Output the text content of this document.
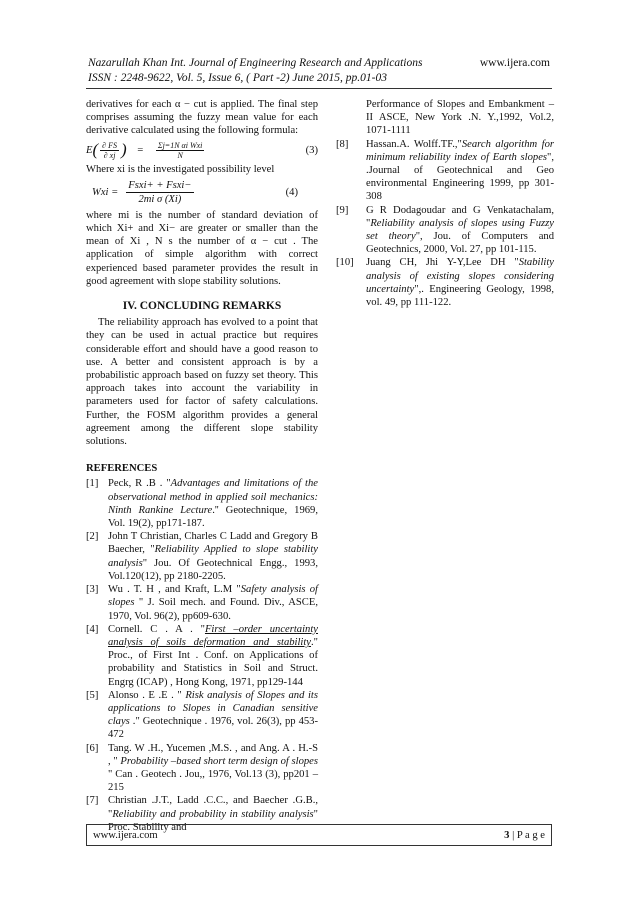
Nazarullah Khan Int. Journal of Engineering Research and Applications	www.ijera.com
ISSN : 2248-9622, Vol. 5, Issue 6, ( Part -2) June 2015, pp.01-03

derivatives for each α − cut is applied. The final step comprises assuming the fuzzy mean value for each derivative calculated using the following formula:

E ( $\frac{\partial FS}{\partial xj}$ ) = $\frac{\text{Σj=1N αi Wxi}}{N}$	(3)

Where xi is the investigated possibility level

Wxi = $\frac{\text{Fsxi+ + Fsxi−}}{\text{2mi σ (Xi)}}$	(4)

where mi is the number of standard deviation of which Xi+ and Xi− are greater or smaller than the mean of Xi , N s the number of α − cut . The application of simple algorithm with correct experienced based parameter provides the result in good agreement with slope stability solutions.

IV. CONCLUDING REMARKS

The reliability approach has evolved to a point that they can be used in actual practice but requires considerable effort and should have a good reason to use. A better and consistent approach is by a probabilistic approach based on fuzzy set theory. This approach takes into account the variability in parameters used for factor of safety calculations. Further, the FOSM algorithm provides a general agreement among the different slope stability solutions.

REFERENCES
[1] Peck, R .B . "Advantages and limitations of the observational method in applied soil mechanics: Ninth Rankine Lecture.'' Geotechnique, 1969, Vol. 19(2), pp171-187.
[2] John T Christian, Charles C Ladd and Gregory B Baecher, "Reliability Applied to slope stability analysis" Jou. Of Geotechnical Engg., 1993, Vol.120(12), pp 2180-2205.
[3] Wu . T. H , and Kraft, L.M "Safety analysis of slopes " J. Soil mech. and Found. Div., ASCE, 1970, Vol. 96(2), pp609-630.
[4] Cornell. C . A . "First –order uncertainty analysis of soils deformation and stability." Proc., of First Int . Conf. on Applications of probability and Statistics in Soil and Struct. Engrg (ICAP) , Hong Kong, 1971, pp129-144
[5] Alonso . E .E . " Risk analysis of Slopes and its applications to Slopes in Canadian sensitive clays ." Geotechnique . 1976, vol. 26(3), pp 453-472
[6] Tang. W .H., Yucemen ,M.S. , and Ang. A . H.-S , " Probability –based short term design of slopes " Can . Geotech . Jou,, 1976, Vol.13 (3), pp201 – 215
[7] Christian .J.T., Ladd .C.C., and Baecher .G.B., "Reliability and probability in stability analysis" Proc. Stability and

Performance of Slopes and Embankment –II ASCE, New York .N. Y.,1992, Vol.2, 1071-1111

[8]	Hassan.A. Wolff.TF.,"Search algorithm for minimum reliability index of Earth slopes", .Journal of Geotechnical and Geo environmental Engineering 1999, pp 301-308
[9]	G R Dodagoudar and G Venkatachalam, "Reliability analysis of slopes using Fuzzy set theory", Jou. of Computers and Geotechnics, 2000, Vol. 27, pp 101-115.
[10]	Juang CH, Jhi Y-Y,Lee DH "Stability analysis of existing slopes considering uncertainty",. Engineering Geology, 1998, vol. 49, pp 111-122.
www.ijera.com	3 | P a g e
